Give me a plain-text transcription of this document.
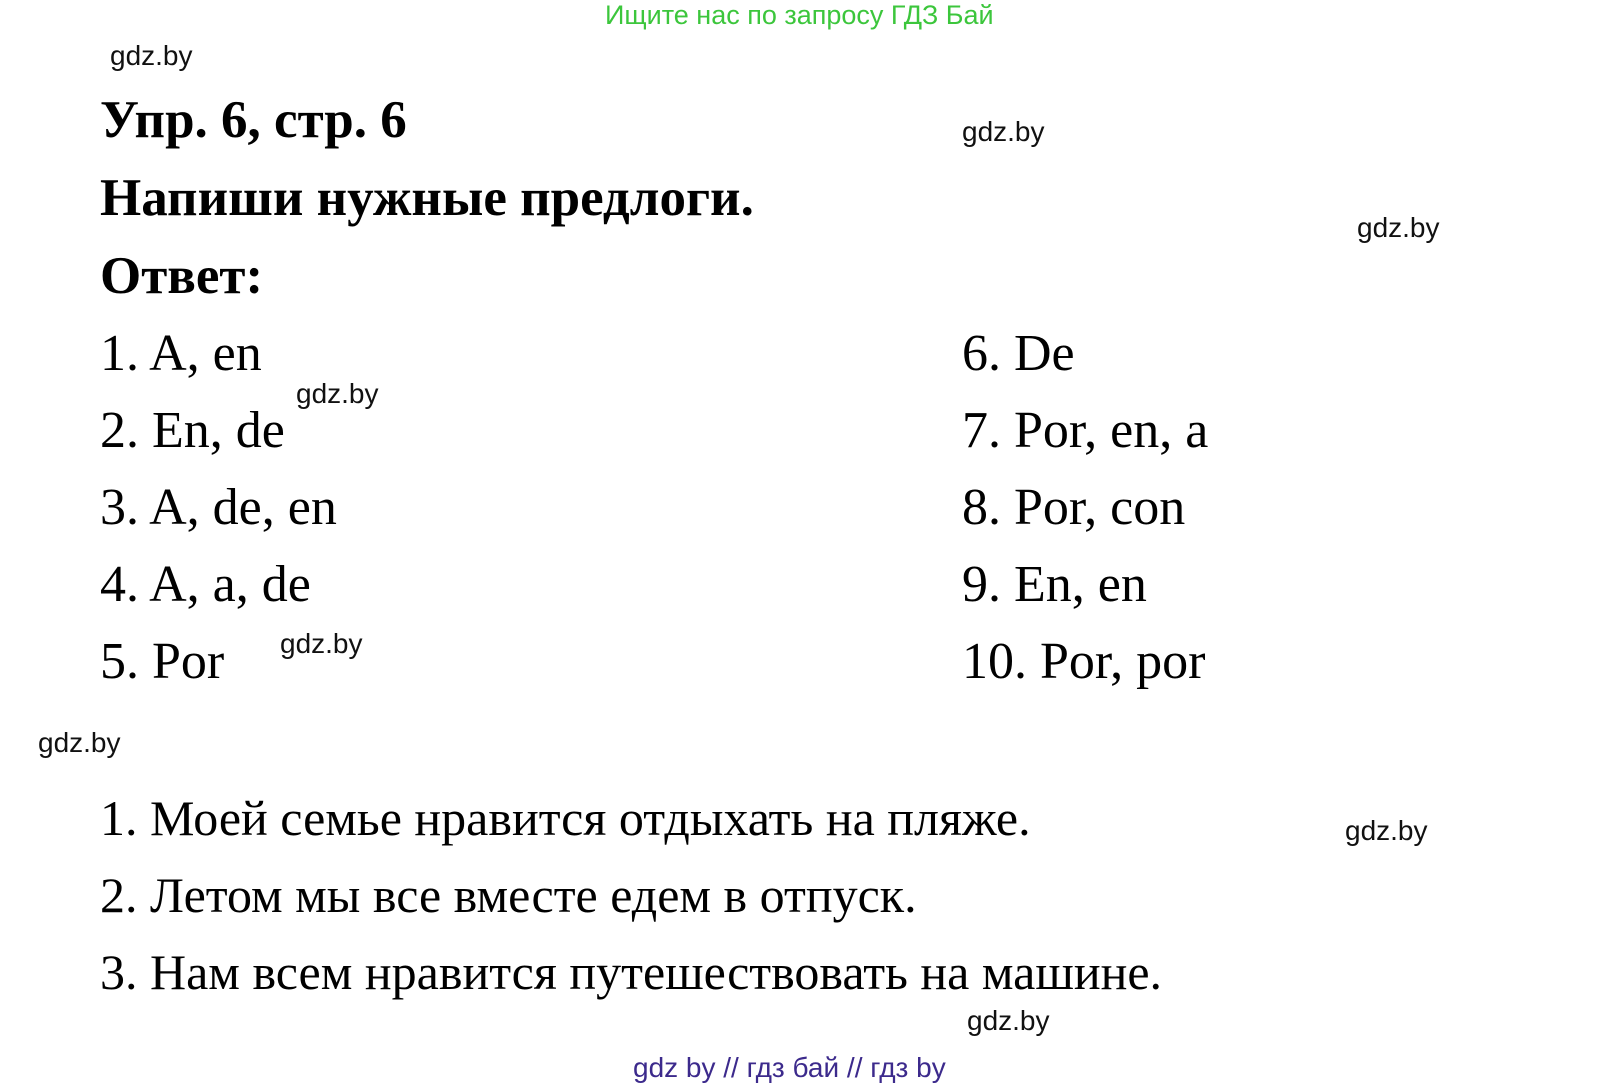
Ищите нас по запросу ГДЗ Бай
gdz.by
gdz.by
gdz.by
Упр. 6, стр. 6
Напиши нужные предлоги.
Ответ:
1. A, en
2. En, de
3. A, de, en
4. A, a, de
5. Por
6. De
7. Por, en, a
8. Por, con
9. En, en
10. Por, por
gdz.by
gdz.by
gdz.by
1. Моей семье нравится отдыхать на пляже.
2. Летом мы все вместе едем в отпуск.
3. Нам всем нравится путешествовать на машине.
gdz.by
gdz.by
gdz by // гдз бай // гдз by
